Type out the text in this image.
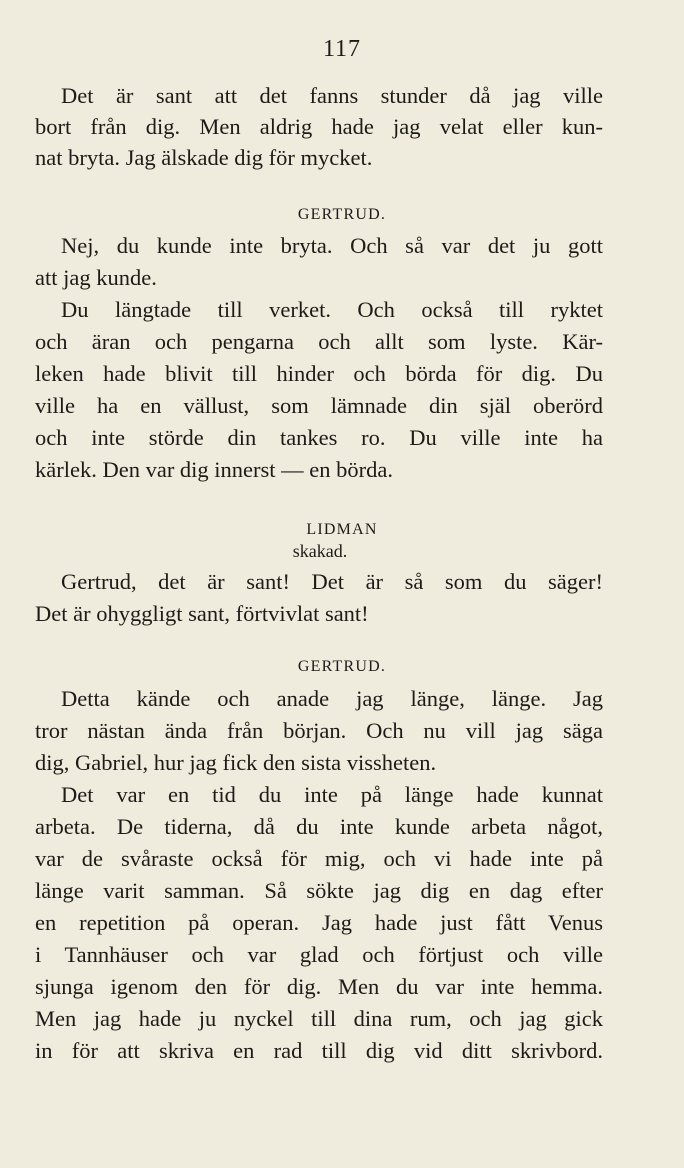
117
Det är sant att det fanns stunder då jag ville
bort från dig. Men aldrig hade jag velat eller kun-
nat bryta. Jag älskade dig för mycket.
GERTRUD.
Nej, du kunde inte bryta. Och så var det ju gott
att jag kunde.
Du längtade till verket. Och också till ryktet
och äran och pengarna och allt som lyste. Kär-
leken hade blivit till hinder och börda för dig. Du
ville ha en vällust, som lämnade din själ oberörd
och inte störde din tankes ro. Du ville inte ha
kärlek. Den var dig innerst — en börda.
LIDMAN
skakad.
Gertrud, det är sant! Det är så som du säger!
Det är ohyggligt sant, förtvivlat sant!
GERTRUD.
Detta kände och anade jag länge, länge. Jag
tror nästan ända från början. Och nu vill jag säga
dig, Gabriel, hur jag fick den sista vissheten.
Det var en tid du inte på länge hade kunnat
arbeta. De tiderna, då du inte kunde arbeta något,
var de svåraste också för mig, och vi hade inte på
länge varit samman. Så sökte jag dig en dag efter
en repetition på operan. Jag hade just fått Venus
i Tannhäuser och var glad och förtjust och ville
sjunga igenom den för dig. Men du var inte hemma.
Men jag hade ju nyckel till dina rum, och jag gick
in för att skriva en rad till dig vid ditt skrivbord.
